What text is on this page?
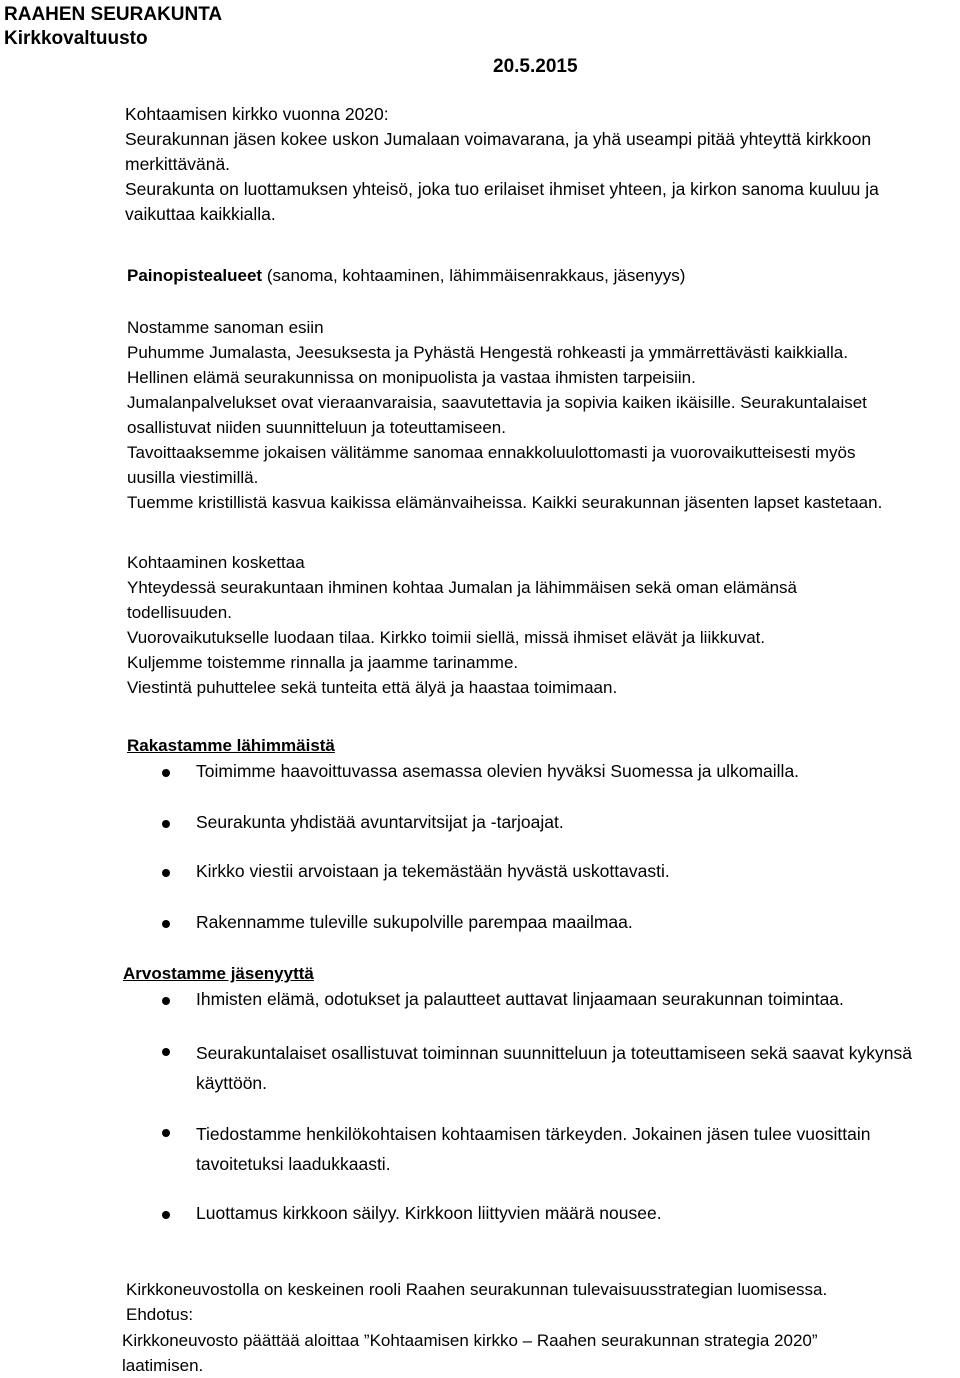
RAAHEN SEURAKUNTA
Kirkkovaltuusto
20.5.2015
Kohtaamisen kirkko vuonna 2020:
Seurakunnan jäsen kokee uskon Jumalaan voimavarana, ja yhä useampi pitää yhteyttä kirkkoon
merkittävänä.
Seurakunta on luottamuksen yhteisö, joka tuo erilaiset ihmiset yhteen, ja kirkon sanoma kuuluu ja
vaikuttaa kaikkialla.
Painopistealueet (sanoma, kohtaaminen, lähimmäisenrakkaus, jäsenyys)
Nostamme sanoman esiin
Puhumme Jumalasta, Jeesuksesta ja Pyhästä Hengestä rohkeasti ja ymmärrettävästi kaikkialla.
Hellinen elämä seurakunnissa on monipuolista ja vastaa ihmisten tarpeisiin.
Jumalanpalvelukset ovat vieraanvaraisia, saavutettavia ja sopivia kaiken ikäisille. Seurakuntalaiset
osallistuvat niiden suunnitteluun ja toteuttamiseen.
Tavoittaaksemme jokaisen välitämme sanomaa ennakkoluulottomasti ja vuorovaikutteisesti myös
uusilla viestimillä.
Tuemme kristillistä kasvua kaikissa elämänvaiheissa. Kaikki seurakunnan jäsenten lapset kastetaan.
Kohtaaminen koskettaa
Yhteydessä seurakuntaan ihminen kohtaa Jumalan ja lähimmäisen sekä oman elämänsä
todellisuuden.
Vuorovaikutukselle luodaan tilaa. Kirkko toimii siellä, missä ihmiset elävät ja liikkuvat.
Kuljemme toistemme rinnalla ja jaamme tarinamme.
Viestintä puhuttelee sekä tunteita että älyä ja haastaa toimimaan.
Rakastamme lähimmäistä
Toimimme haavoittuvassa asemassa olevien hyväksi Suomessa ja ulkomailla.
Seurakunta yhdistää avuntarvitsijat ja -tarjoajat.
Kirkko viestii arvoistaan ja tekemästään hyvästä uskottavasti.
Rakennamme tuleville sukupolville parempaa maailmaa.
Arvostamme jäsenyyttä
Ihmisten elämä, odotukset ja palautteet auttavat linjaamaan seurakunnan toimintaa.
Seurakuntalaiset osallistuvat toiminnan suunnitteluun ja toteuttamiseen sekä saavat kykynsä
käyttöön.
Tiedostamme henkilökohtaisen kohtaamisen tärkeyden. Jokainen jäsen tulee vuosittain
tavoitetuksi laadukkaasti.
Luottamus kirkkoon säilyy. Kirkkoon liittyvien määrä nousee.
Kirkkoneuvostolla on keskeinen rooli Raahen seurakunnan tulevaisuusstrategian luomisessa.
Ehdotus:
Kirkkoneuvosto päättää aloittaa ”Kohtaamisen kirkko – Raahen seurakunnan strategia 2020”
laatimisen.
